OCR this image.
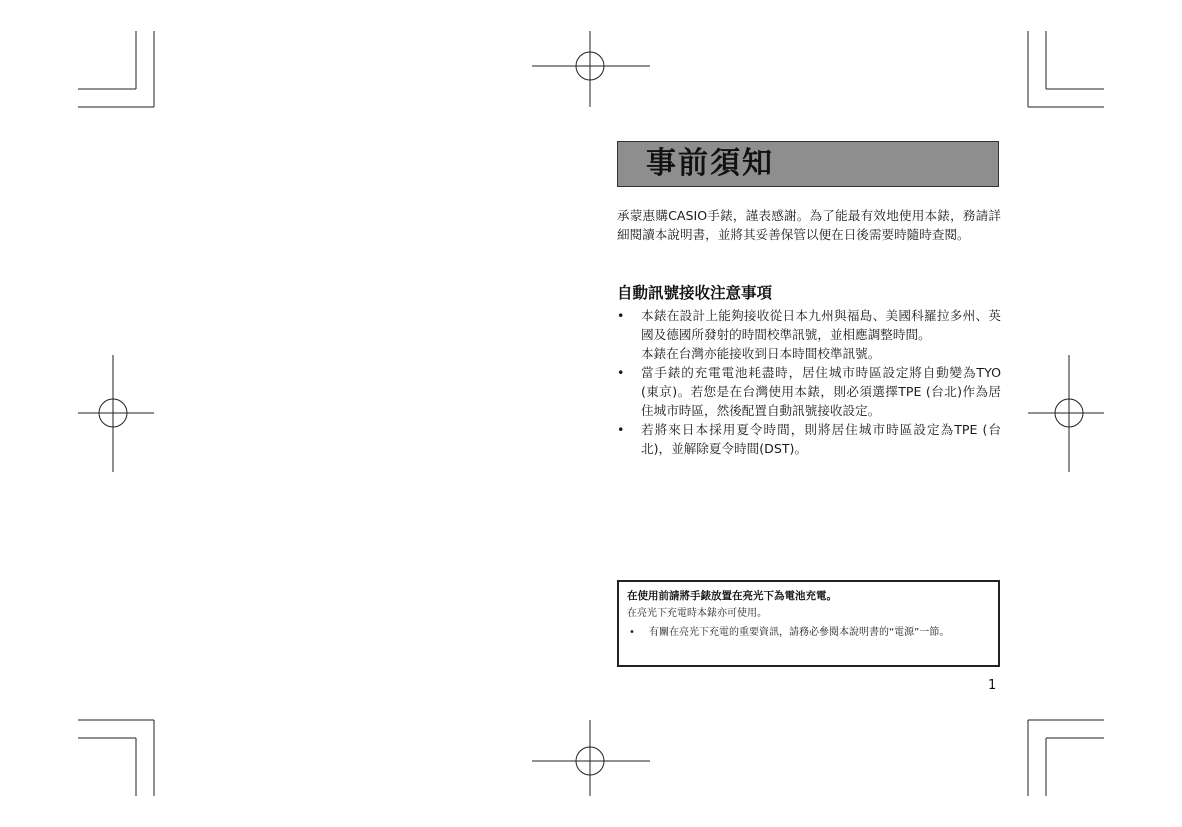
事前須知
承蒙惠購CASIO手錶，謹表感謝。為了能最有效地使用本錶，務請詳細閱讀本說明書，並將其妥善保管以便在日後需要時隨時查閱。
自動訊號接收注意事項
• 本錶在設計上能夠接收從日本九州與福島、美國科羅拉多州、英國及德國所發射的時間校準訊號，並相應調整時間。
本錶在台灣亦能接收到日本時間校準訊號。
• 當手錶的充電電池耗盡時，居住城市時區設定將自動變為TYO (東京)。若您是在台灣使用本錶，則必須選擇TPE (台北)作為居住城市時區，然後配置自動訊號接收設定。
• 若將來日本採用夏令時間，則將居住城市時區設定為TPE (台北)，並解除夏令時間(DST)。
在使用前請將手錶放置在亮光下為電池充電。
在亮光下充電時本錶亦可使用。
• 有關在亮光下充電的重要資訊，請務必參閱本說明書的“電源”一節。
1
